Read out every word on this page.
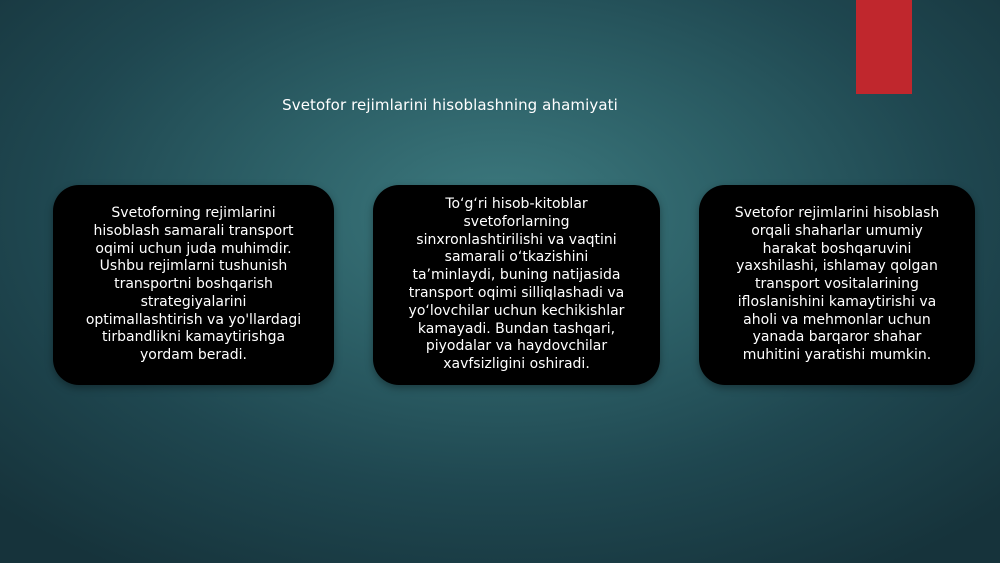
Svetofor rejimlarini hisoblashning ahamiyati
Svetoforning rejimlarini
hisoblash samarali transport
oqimi uchun juda muhimdir.
Ushbu rejimlarni tushunish
transportni boshqarish
strategiyalarini
optimallashtirish va yo'llardagi
tirbandlikni kamaytirishga
yordam beradi.
To‘g‘ri hisob-kitoblar
svetoforlarning
sinxronlashtirilishi va vaqtini
samarali o‘tkazishini
ta’minlaydi, buning natijasida
transport oqimi silliqlashadi va
yo‘lovchilar uchun kechikishlar
kamayadi. Bundan tashqari,
piyodalar va haydovchilar
xavfsizligini oshiradi.
Svetofor rejimlarini hisoblash
orqali shaharlar umumiy
harakat boshqaruvini
yaxshilashi, ishlamay qolgan
transport vositalarining
ifloslanishini kamaytirishi va
aholi va mehmonlar uchun
yanada barqaror shahar
muhitini yaratishi mumkin.
